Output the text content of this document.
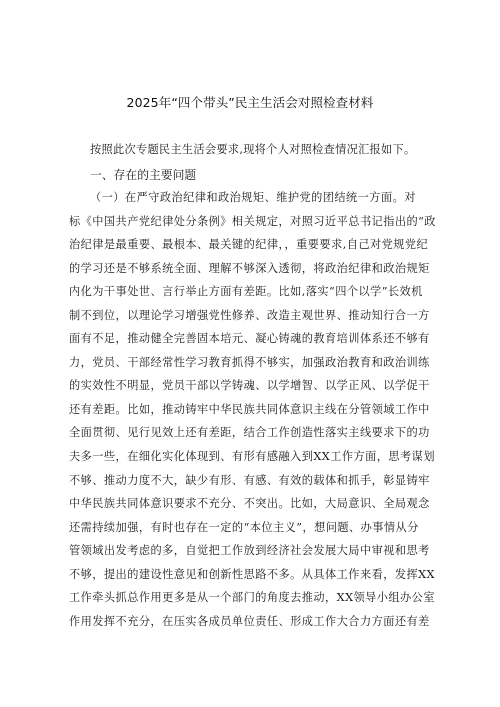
2025年“四个带头”民主生活会对照检查材料
按照此次专题民主生活会要求,现将个人对照检查情况汇报如下。
一、存在的主要问题
（一）在严守政治纪律和政治规矩、维护党的团结统一方面。对
标《中国共产党纪律处分条例》相关规定，对照习近平总书记指出的“政
治纪律是最重要、最根本、最关键的纪律，，重要要求,自己对党规党纪
的学习还是不够系统全面、理解不够深入透彻，将政治纪律和政治规矩
内化为干事处世、言行举止方面有差距。比如,落实“四个以学”长效机
制不到位，以理论学习增强党性修养、改造主观世界、推动知行合一方
面有不足，推动健全完善固本培元、凝心铸魂的教育培训体系还不够有
力，党员、干部经常性学习教育抓得不够实，加强政治教育和政治训练
的实效性不明显，党员干部以学铸魂、以学增智、以学正风、以学促干
还有差距。比如，推动铸牢中华民族共同体意识主线在分管领域工作中
全面贯彻、见行见效上还有差距，结合工作创造性落实主线要求下的功
夫多一些，在细化实化体现到、有形有感融入到XX工作方面，思考谋划
不够、推动力度不大，缺少有形、有感、有效的载体和抓手，彰显铸牢
中华民族共同体意识要求不充分、不突出。比如，大局意识、全局观念
还需持续加强，有时也存在一定的“本位主义”，想问题、办事情从分
管领域出发考虑的多，自觉把工作放到经济社会发展大局中审视和思考
不够，提出的建设性意见和创新性思路不多。从具体工作来看，发挥XX
工作牵头抓总作用更多是从一个部门的角度去推动，XX领导小组办公室
作用发挥不充分，在压实各成员单位责任、形成工作大合力方面还有差
